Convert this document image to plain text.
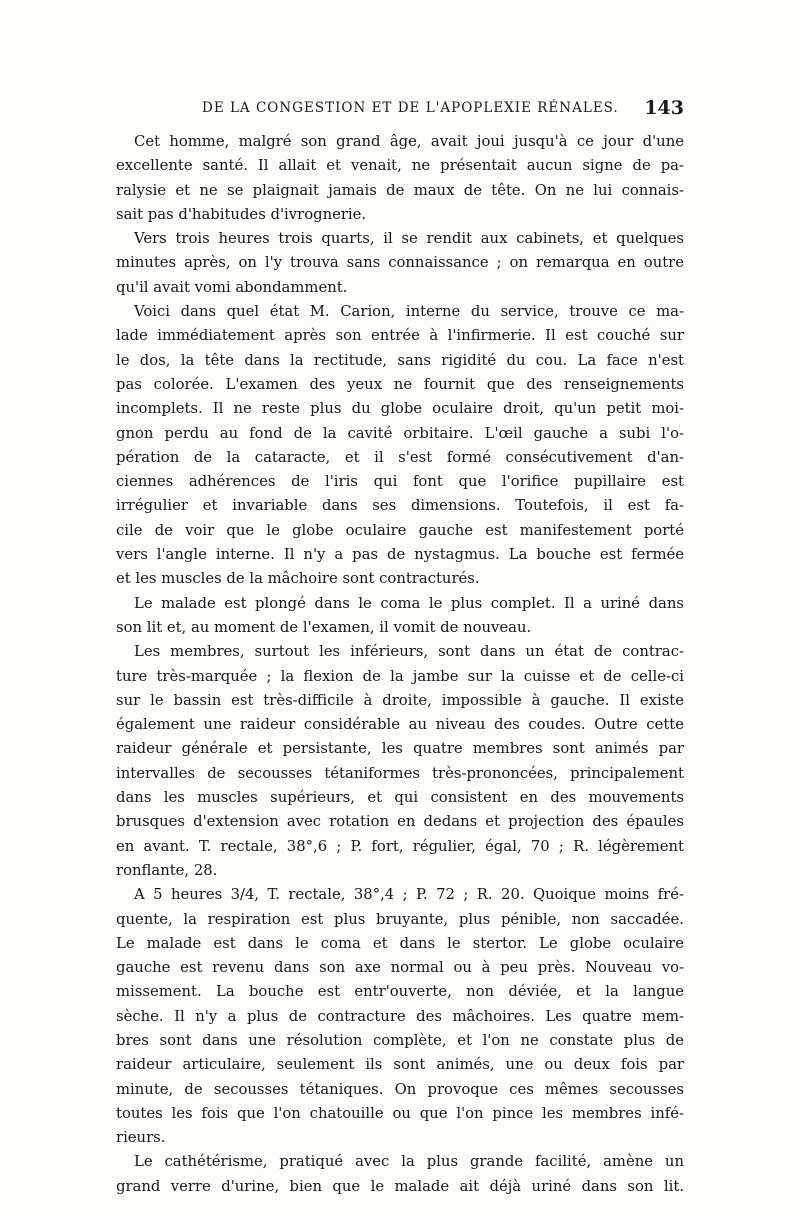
DE LA CONGESTION ET DE L'APOPLEXIE RÉNALES. 143
Cet homme, malgré son grand âge, avait joui jusqu'à ce jour d'une
excellente santé. Il allait et venait, ne présentait aucun signe de pa-
ralysie et ne se plaignait jamais de maux de tête. On ne lui connais-
sait pas d'habitudes d'ivrognerie.
Vers trois heures trois quarts, il se rendit aux cabinets, et quelques
minutes après, on l'y trouva sans connaissance ; on remarqua en outre
qu'il avait vomi abondamment.
Voici dans quel état M. Carion, interne du service, trouve ce ma-
lade immédiatement après son entrée à l'infirmerie. Il est couché sur
le dos, la tête dans la rectitude, sans rigidité du cou. La face n'est
pas colorée. L'examen des yeux ne fournit que des renseignements
incomplets. Il ne reste plus du globe oculaire droit, qu'un petit moi-
gnon perdu au fond de la cavité orbitaire. L'œil gauche a subi l'o-
pération de la cataracte, et il s'est formé consécutivement d'an-
ciennes adhérences de l'iris qui font que l'orifice pupillaire est
irrégulier et invariable dans ses dimensions. Toutefois, il est fa-
cile de voir que le globe oculaire gauche est manifestement porté
vers l'angle interne. Il n'y a pas de nystagmus. La bouche est fermée
et les muscles de la mâchoire sont contracturés.
Le malade est plongé dans le coma le plus complet. Il a uriné dans
son lit et, au moment de l'examen, il vomit de nouveau.
Les membres, surtout les inférieurs, sont dans un état de contrac-
ture très-marquée ; la flexion de la jambe sur la cuisse et de celle-ci
sur le bassin est très-difficile à droite, impossible à gauche. Il existe
également une raideur considérable au niveau des coudes. Outre cette
raideur générale et persistante, les quatre membres sont animés par
intervalles de secousses tétaniformes très-prononcées, principalement
dans les muscles supérieurs, et qui consistent en des mouvements
brusques d'extension avec rotation en dedans et projection des épaules
en avant. T. rectale, 38°,6 ; P. fort, régulier, égal, 70 ; R. légèrement
ronflante, 28.
A 5 heures 3/4, T. rectale, 38°,4 ; P. 72 ; R. 20. Quoique moins fré-
quente, la respiration est plus bruyante, plus pénible, non saccadée.
Le malade est dans le coma et dans le stertor. Le globe oculaire
gauche est revenu dans son axe normal ou à peu près. Nouveau vo-
missement. La bouche est entr'ouverte, non déviée, et la langue
sèche. Il n'y a plus de contracture des mâchoires. Les quatre mem-
bres sont dans une résolution complète, et l'on ne constate plus de
raideur articulaire, seulement ils sont animés, une ou deux fois par
minute, de secousses tétaniques. On provoque ces mêmes secousses
toutes les fois que l'on chatouille ou que l'on pince les membres infé-
rieurs.
Le cathétérisme, pratiqué avec la plus grande facilité, amène un
grand verre d'urine, bien que le malade ait déjà uriné dans son lit.
